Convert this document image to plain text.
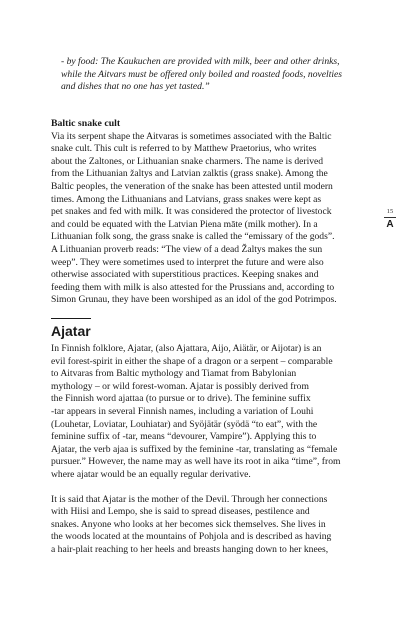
- by food: The Kaukuchen are provided with milk, beer and other drinks,

while the Aitvars must be offered only boiled and roasted foods, novelties

and dishes that no one has yet tasted.”

Baltic snake cult

Via its serpent shape the Aitvaras is sometimes associated with the Baltic

snake cult. This cult is referred to by Matthew Praetorius, who writes

about the Zaltones, or Lithuanian snake charmers. The name is derived

from the Lithuanian žaltys and Latvian zalktis (grass snake). Among the

Baltic peoples, the veneration of the snake has been attested until modern

times. Among the Lithuanians and Latvians, grass snakes were kept as

pet snakes and fed with milk. It was considered the protector of livestock

and could be equated with the Latvian Piena māte (milk mother). In a

Lithuanian folk song, the grass snake is called the “emissary of the gods”.

A Lithuanian proverb reads: “The view of a dead Žaltys makes the sun

weep”. They were sometimes used to interpret the future and were also

otherwise associated with superstitious practices. Keeping snakes and

feeding them with milk is also attested for the Prussians and, according to

Simon Grunau, they have been worshiped as an idol of the god Potrimpos.

Ajatar

In Finnish folklore, Ajatar, (also Ajattara, Aijo, Aiätär, or Aijotar) is an
evil forest-spirit in either the shape of a dragon or a serpent – comparable
to Aitvaras from Baltic mythology and Tiamat from Babylonian
mythology – or wild forest-woman. Ajatar is possibly derived from
the Finnish word ajattaa (to pursue or to drive). The feminine suffix
-tar appears in several Finnish names, including a variation of Louhi
(Louhetar, Loviatar, Louhiatar) and Syöjätär (syödä “to eat”, with the
feminine suffix of -tar, means “devourer, Vampire”). Applying this to
Ajatar, the verb ajaa is suffixed by the feminine -tar, translating as “female
pursuer.” However, the name may as well have its root in aika “time”, from
where ajatar would be an equally regular derivative.

It is said that Ajatar is the mother of the Devil. Through her connections
with Hiisi and Lempo, she is said to spread diseases, pestilence and
snakes. Anyone who looks at her becomes sick themselves. She lives in
the woods located at the mountains of Pohjola and is described as having
a hair-plait reaching to her heels and breasts hanging down to her knees,

15
A
